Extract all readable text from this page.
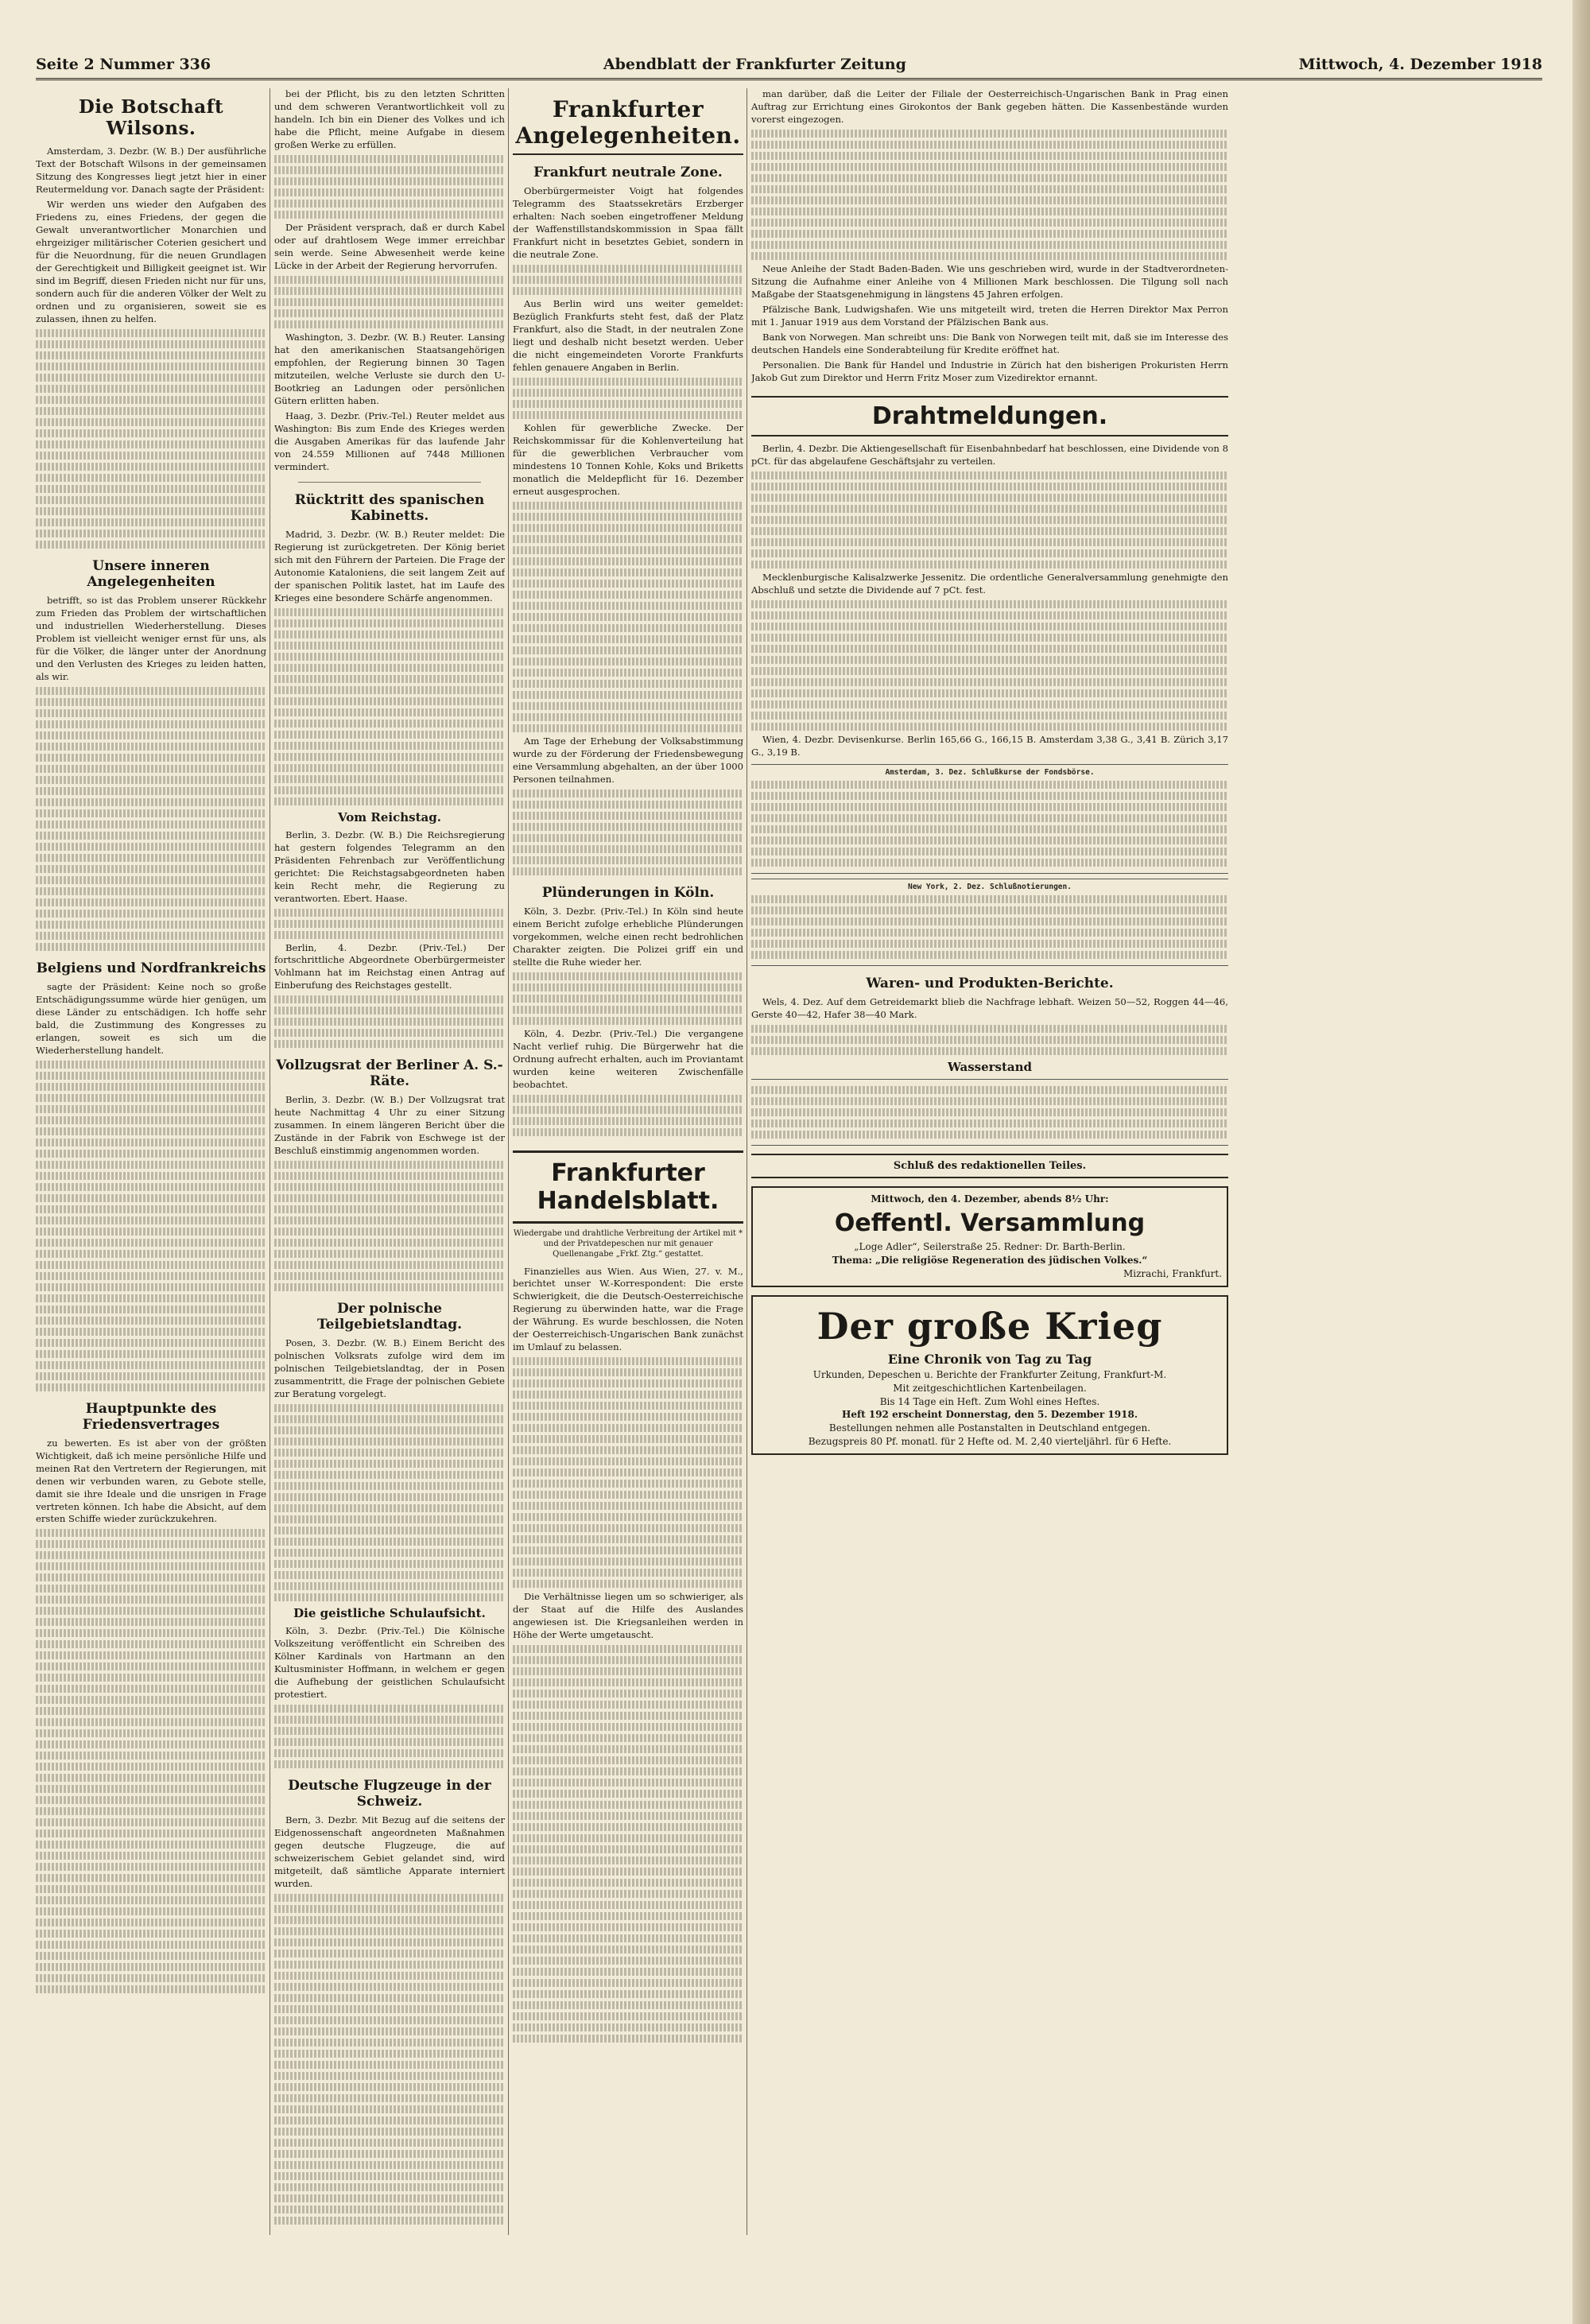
Seite 2 Nummer 336	Abendblatt der Frankfurter Zeitung	Mittwoch, 4. Dezember 1918
Die Botschaft Wilsons.

Amsterdam, 3. Dezbr. (W. B.) Der ausführliche Text der Botschaft Wilsons in der gemeinsamen Sitzung des Kongresses liegt jetzt hier in einer Reutermeldung vor. Danach sagte der Präsident:

Wir werden uns wieder den Aufgaben des Friedens zu, eines Friedens, der gegen die Gewalt unverantwortlicher Monarchien und ehrgeiziger militärischer Coterien gesichert und für die Neuordnung, für die neuen Grundlagen der Gerechtigkeit und Billigkeit geeignet ist. Wir sind im Begriff, diesen Frieden nicht nur für uns, sondern auch für die anderen Völker der Welt zu ordnen und zu organisieren, soweit sie es zulassen, ihnen zu helfen.

Unsere inneren Angelegenheiten

betrifft, so ist das Problem unserer Rückkehr zum Frieden das Problem der wirtschaftlichen und industriellen Wiederherstellung. Dieses Problem ist vielleicht weniger ernst für uns, als für die Völker, die länger unter der Anordnung und den Verlusten des Krieges zu leiden hatten, als wir.

Belgiens und Nordfrankreichs

sagte der Präsident: Keine noch so große Entschädigungssumme würde hier genügen, um diese Länder zu entschädigen. Ich hoffe sehr bald, die Zustimmung des Kongresses zu erlangen, soweit es sich um die Wiederherstellung handelt.

Hauptpunkte des Friedensvertrages

zu bewerten. Es ist aber von der größten Wichtigkeit, daß ich meine persönliche Hilfe und meinen Rat den Vertretern der Regierungen, mit denen wir verbunden waren, zu Gebote stelle, damit sie ihre Ideale und die unsrigen in Frage vertreten können. Ich habe die Absicht, auf dem ersten Schiffe wieder zurückzukehren.

bei der Pflicht, bis zu den letzten Schritten und dem schweren Verantwortlichkeit voll zu handeln. Ich bin ein Diener des Volkes und ich habe die Pflicht, meine Aufgabe in diesem großen Werke zu erfüllen.

Der Präsident versprach, daß er durch Kabel oder auf drahtlosem Wege immer erreichbar sein werde. Seine Abwesenheit werde keine Lücke in der Arbeit der Regierung hervorrufen.

Washington, 3. Dezbr. (W. B.) Reuter. Lansing hat den amerikanischen Staatsangehörigen empfohlen, der Regierung binnen 30 Tagen mitzuteilen, welche Verluste sie durch den U-Bootkrieg an Ladungen oder persönlichen Gütern erlitten haben.

Haag, 3. Dezbr. (Priv.-Tel.) Reuter meldet aus Washington: Bis zum Ende des Krieges werden die Ausgaben Amerikas für das laufende Jahr von 24.559 Millionen auf 7448 Millionen vermindert.

Rücktritt des spanischen Kabinetts.

Madrid, 3. Dezbr. (W. B.) Reuter meldet: Die Regierung ist zurückgetreten. Der König beriet sich mit den Führern der Parteien. Die Frage der Autonomie Kataloniens, die seit langem Zeit auf der spanischen Politik lastet, hat im Laufe des Krieges eine besondere Schärfe angenommen.

Vom Reichstag.

Berlin, 3. Dezbr. (W. B.) Die Reichsregierung hat gestern folgendes Telegramm an den Präsidenten Fehrenbach zur Veröffentlichung gerichtet: Die Reichstagsabgeordneten haben kein Recht mehr, die Regierung zu verantworten. Ebert. Haase.

Berlin, 4. Dezbr. (Priv.-Tel.) Der fortschrittliche Abgeordnete Oberbürgermeister Vohlmann hat im Reichstag einen Antrag auf Einberufung des Reichstages gestellt.

Vollzugsrat der Berliner A. S.-Räte.

Berlin, 3. Dezbr. (W. B.) Der Vollzugsrat trat heute Nachmittag 4 Uhr zu einer Sitzung zusammen. In einem längeren Bericht über die Zustände in der Fabrik von Eschwege ist der Beschluß einstimmig angenommen worden.

Der polnische Teilgebietslandtag.

Posen, 3. Dezbr. (W. B.) Einem Bericht des polnischen Volksrats zufolge wird dem im polnischen Teilgebietslandtag, der in Posen zusammentritt, die Frage der polnischen Gebiete zur Beratung vorgelegt.

Die geistliche Schulaufsicht.

Köln, 3. Dezbr. (Priv.-Tel.) Die Kölnische Volkszeitung veröffentlicht ein Schreiben des Kölner Kardinals von Hartmann an den Kultusminister Hoffmann, in welchem er gegen die Aufhebung der geistlichen Schulaufsicht protestiert.

Deutsche Flugzeuge in der Schweiz.

Bern, 3. Dezbr. Mit Bezug auf die seitens der Eidgenossenschaft angeordneten Maßnahmen gegen deutsche Flugzeuge, die auf schweizerischem Gebiet gelandet sind, wird mitgeteilt, daß sämtliche Apparate interniert wurden.

Frankfurter Angelegenheiten.
Frankfurt neutrale Zone.

Oberbürgermeister Voigt hat folgendes Telegramm des Staatssekretärs Erzberger erhalten: Nach soeben eingetroffener Meldung der Waffenstillstandskommission in Spaa fällt Frankfurt nicht in besetztes Gebiet, sondern in die neutrale Zone.

Aus Berlin wird uns weiter gemeldet: Bezüglich Frankfurts steht fest, daß der Platz Frankfurt, also die Stadt, in der neutralen Zone liegt und deshalb nicht besetzt werden. Ueber die nicht eingemeindeten Vororte Frankfurts fehlen genauere Angaben in Berlin.

Kohlen für gewerbliche Zwecke. Der Reichskommissar für die Kohlenverteilung hat für die gewerblichen Verbraucher vom mindestens 10 Tonnen Kohle, Koks und Briketts monatlich die Meldepflicht für 16. Dezember erneut ausgesprochen.

Am Tage der Erhebung der Volksabstimmung wurde zu der Förderung der Friedensbewegung eine Versammlung abgehalten, an der über 1000 Personen teilnahmen.

Plünderungen in Köln.

Köln, 3. Dezbr. (Priv.-Tel.) In Köln sind heute einem Bericht zufolge erhebliche Plünderungen vorgekommen, welche einen recht bedrohlichen Charakter zeigten. Die Polizei griff ein und stellte die Ruhe wieder her.

Köln, 4. Dezbr. (Priv.-Tel.) Die vergangene Nacht verlief ruhig. Die Bürgerwehr hat die Ordnung aufrecht erhalten, auch im Proviantamt wurden keine weiteren Zwischenfälle beobachtet.

Frankfurter Handelsblatt.
Wiedergabe und drahtliche Verbreitung der Artikel mit * und der Privatdepeschen nur mit genauer Quellenangabe „Frkf. Ztg.“ gestattet.

Finanzielles aus Wien. Aus Wien, 27. v. M., berichtet unser W.-Korrespondent: Die erste Schwierigkeit, die die Deutsch-Oesterreichische Regierung zu überwinden hatte, war die Frage der Währung. Es wurde beschlossen, die Noten der Oesterreichisch-Ungarischen Bank zunächst im Umlauf zu belassen.

Die Verhältnisse liegen um so schwieriger, als der Staat auf die Hilfe des Auslandes angewiesen ist. Die Kriegsanleihen werden in Höhe der Werte umgetauscht.

man darüber, daß die Leiter der Filiale der Oesterreichisch-Ungarischen Bank in Prag einen Auftrag zur Errichtung eines Girokontos der Bank gegeben hätten. Die Kassenbestände wurden vorerst eingezogen.

Neue Anleihe der Stadt Baden-Baden. Wie uns geschrieben wird, wurde in der Stadtverordneten-Sitzung die Aufnahme einer Anleihe von 4 Millionen Mark beschlossen. Die Tilgung soll nach Maßgabe der Staatsgenehmigung in längstens 45 Jahren erfolgen.

Pfälzische Bank, Ludwigshafen. Wie uns mitgeteilt wird, treten die Herren Direktor Max Perron mit 1. Januar 1919 aus dem Vorstand der Pfälzischen Bank aus.

Bank von Norwegen. Man schreibt uns: Die Bank von Norwegen teilt mit, daß sie im Interesse des deutschen Handels eine Sonderabteilung für Kredite eröffnet hat.

Personalien. Die Bank für Handel und Industrie in Zürich hat den bisherigen Prokuristen Herrn Jakob Gut zum Direktor und Herrn Fritz Moser zum Vizedirektor ernannt.

Drahtmeldungen.

Berlin, 4. Dezbr. Die Aktiengesellschaft für Eisenbahnbedarf hat beschlossen, eine Dividende von 8 pCt. für das abgelaufene Geschäftsjahr zu verteilen.

Mecklenburgische Kalisalzwerke Jessenitz. Die ordentliche Generalversammlung genehmigte den Abschluß und setzte die Dividende auf 7 pCt. fest.

Wien, 4. Dezbr. Devisenkurse. Berlin 165,66 G., 166,15 B. Amsterdam 3,38 G., 3,41 B. Zürich 3,17 G., 3,19 B.

Amsterdam, 3. Dez. Schlußkurse der Fondsbörse.
New York, 2. Dez. Schlußnotierungen.
Waren- und Produkten-Berichte.

Wels, 4. Dez. Auf dem Getreidemarkt blieb die Nachfrage lebhaft. Weizen 50—52, Roggen 44—46, Gerste 40—42, Hafer 38—40 Mark.

Wasserstand
Schluß des redaktionellen Teiles.
Mittwoch, den 4. Dezember, abends 8½ Uhr:
Oeffentl. Versammlung
„Loge Adler“, Seilerstraße 25. Redner: Dr. Barth-Berlin.
Thema: „Die religiöse Regeneration des jüdischen Volkes.“
Mizrachi, Frankfurt.
Der große Krieg
Eine Chronik von Tag zu Tag
Urkunden, Depeschen u. Berichte der Frankfurter Zeitung, Frankfurt-M.
Mit zeitgeschichtlichen Kartenbeilagen.
Bis 14 Tage ein Heft. Zum Wohl eines Heftes.
Heft 192 erscheint Donnerstag, den 5. Dezember 1918.
Bestellungen nehmen alle Postanstalten in Deutschland entgegen.
Bezugspreis 80 Pf. monatl. für 2 Hefte od. M. 2,40 vierteljährl. für 6 Hefte.
